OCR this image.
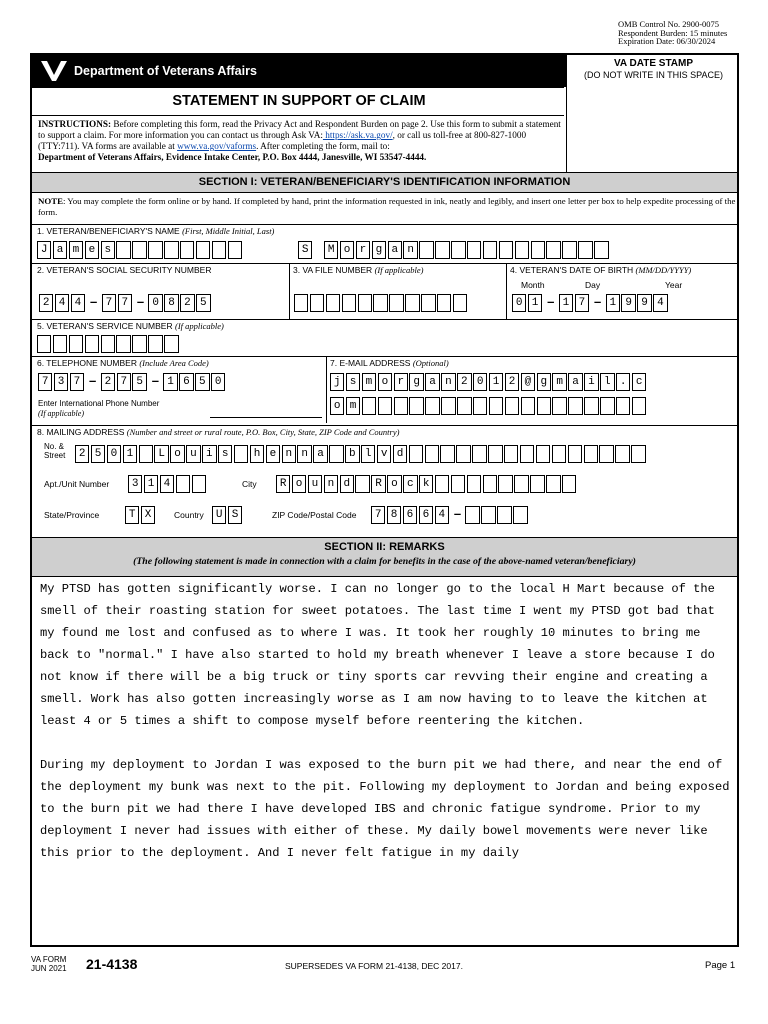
OMB Control No. 2900-0075
Respondent Burden: 15 minutes
Expiration Date: 06/30/2024
Department of Veterans Affairs
VA DATE STAMP
(DO NOT WRITE IN THIS SPACE)
STATEMENT IN SUPPORT OF CLAIM
INSTRUCTIONS: Before completing this form, read the Privacy Act and Respondent Burden on page 2. Use this form to submit a statement to support a claim. For more information you can contact us through Ask VA: https://ask.va.gov/, or call us toll-free at 800-827-1000 (TTY:711). VA forms are available at www.va.gov/vaforms. After completing the form, mail to:
Department of Veterans Affairs, Evidence Intake Center, P.O. Box 4444, Janesville, WI 53547-4444.
SECTION I: VETERAN/BENEFICIARY'S IDENTIFICATION INFORMATION
NOTE: You may complete the form online or by hand. If completed by hand, print the information requested in ink, neatly and legibly, and insert one letter per box to help expedite processing of the form.
1. VETERAN/BENEFICIARY'S NAME (First, Middle Initial, Last)
J a m e s	S	M o r g a n
2. VETERAN'S SOCIAL SECURITY NUMBER
2 4 4 – 7 7 – 0 8 2 5
3. VA FILE NUMBER (If applicable)	4. VETERAN'S DATE OF BIRTH (MM/DD/YYYY)
Month	Day	Year
0 1 – 1 7 – 1 9 9 4
5. VETERAN'S SERVICE NUMBER (If applicable)
6. TELEPHONE NUMBER (Include Area Code)
7 3 7 – 2 7 5 – 1 6 5 0
Enter International Phone Number
(If applicable)
7. E-MAIL ADDRESS (Optional)
j s m o r g a n 2 0 1 2 @ g m a i l . c
o m
8. MAILING ADDRESS (Number and street or rural route, P.O. Box, City, State, ZIP Code and Country)
No. &
Street	2 5 0 1	L o u i s	h e n n a	b l v d
Apt./Unit Number	3 1 4	City	R o u n d	R o c k
State/Province	T X	Country	U S	ZIP Code/Postal Code	7 8 6 6 4 –
SECTION II: REMARKS
(The following statement is made in connection with a claim for benefits in the case of the above-named veteran/beneficiary)

My PTSD has gotten significantly worse. I can no longer go to the local H Mart because of the smell of their roasting station for sweet potatoes. The last time I went my PTSD got bad that my found me lost and confused as to where I was. It took her roughly 10 minutes to bring me back to "normal." I have also started to hold my breath whenever I leave a store because I do not know if there will be a big truck or tiny sports car revving their engine and creating a smell. Work has also gotten increasingly worse as I am now having to to leave the kitchen at least 4 or 5 times a shift to compose myself before reentering the kitchen.

During my deployment to Jordan I was exposed to the burn pit we had there, and near the end of the deployment my bunk was next to the pit. Following my deployment to Jordan and being exposed to the burn pit we had there I have developed IBS and chronic fatigue syndrome. Prior to my deployment I never had issues with either of these. My daily bowel movements were never like this prior to the deployment. And I never felt fatigue in my daily

VA FORM
JUN 2021 21-4138	SUPERSEDES VA FORM 21-4138, DEC 2017.	Page 1
